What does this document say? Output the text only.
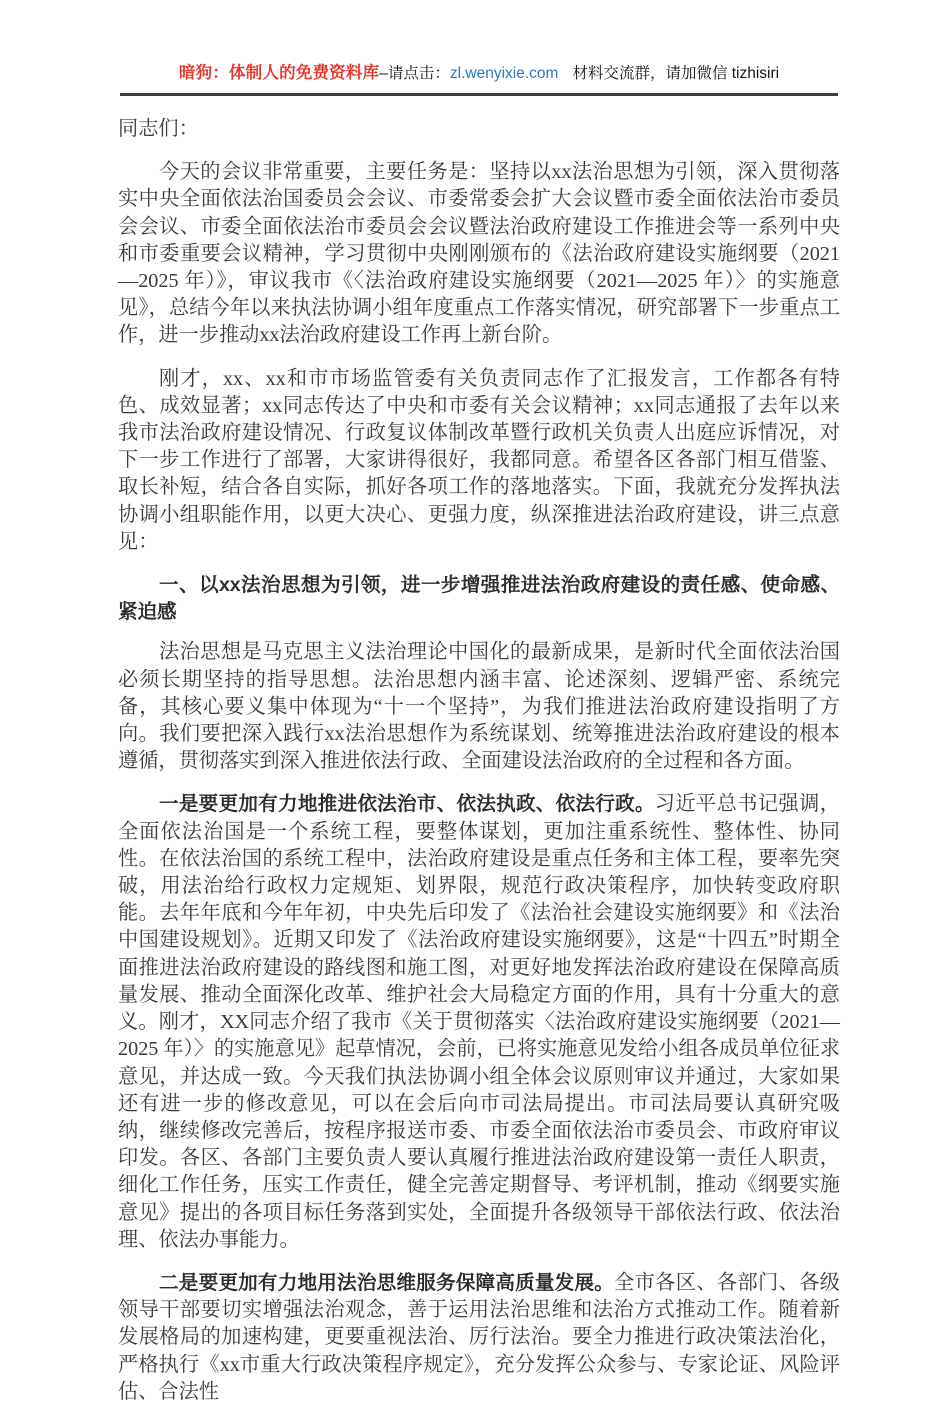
暗狗：体制人的免费资料库–请点击：zl.wenyixie.com 材料交流群，请加微信 tizhisiri

同志们：

今天的会议非常重要，主要任务是：坚持以xx法治思想为引领，深入贯彻落实中央全面依法治国委员会会议、市委常委会扩大会议暨市委全面依法治市委员会会议、市委全面依法治市委员会会议暨法治政府建设工作推进会等一系列中央和市委重要会议精神，学习贯彻中央刚刚颁布的《法治政府建设实施纲要（2021—2025 年）》，审议我市《〈法治政府建设实施纲要（2021—2025 年）〉的实施意见》，总结今年以来执法协调小组年度重点工作落实情况，研究部署下一步重点工作，进一步推动xx法治政府建设工作再上新台阶。

刚才，xx、xx和市市场监管委有关负责同志作了汇报发言，工作都各有特色、成效显著；xx同志传达了中央和市委有关会议精神；xx同志通报了去年以来我市法治政府建设情况、行政复议体制改革暨行政机关负责人出庭应诉情况，对下一步工作进行了部署，大家讲得很好，我都同意。希望各区各部门相互借鉴、取长补短，结合各自实际，抓好各项工作的落地落实。下面，我就充分发挥执法协调小组职能作用，以更大决心、更强力度，纵深推进法治政府建设，讲三点意见：

一、以xx法治思想为引领，进一步增强推进法治政府建设的责任感、使命感、紧迫感

法治思想是马克思主义法治理论中国化的最新成果，是新时代全面依法治国必须长期坚持的指导思想。法治思想内涵丰富、论述深刻、逻辑严密、系统完备，其核心要义集中体现为“十一个坚持”，为我们推进法治政府建设指明了方向。我们要把深入践行xx法治思想作为系统谋划、统筹推进法治政府建设的根本遵循，贯彻落实到深入推进依法行政、全面建设法治政府的全过程和各方面。

一是要更加有力地推进依法治市、依法执政、依法行政。习近平总书记强调，全面依法治国是一个系统工程，要整体谋划，更加注重系统性、整体性、协同性。在依法治国的系统工程中，法治政府建设是重点任务和主体工程，要率先突破，用法治给行政权力定规矩、划界限，规范行政决策程序，加快转变政府职能。去年年底和今年年初，中央先后印发了《法治社会建设实施纲要》和《法治中国建设规划》。近期又印发了《法治政府建设实施纲要》，这是“十四五”时期全面推进法治政府建设的路线图和施工图，对更好地发挥法治政府建设在保障高质量发展、推动全面深化改革、维护社会大局稳定方面的作用，具有十分重大的意义。刚才，XX同志介绍了我市《关于贯彻落实〈法治政府建设实施纲要（2021—2025 年）〉的实施意见》起草情况，会前，已将实施意见发给小组各成员单位征求意见，并达成一致。今天我们执法协调小组全体会议原则审议并通过，大家如果还有进一步的修改意见，可以在会后向市司法局提出。市司法局要认真研究吸纳，继续修改完善后，按程序报送市委、市委全面依法治市委员会、市政府审议印发。各区、各部门主要负责人要认真履行推进法治政府建设第一责任人职责，细化工作任务，压实工作责任，健全完善定期督导、考评机制，推动《纲要实施意见》提出的各项目标任务落到实处，全面提升各级领导干部依法行政、依法治理、依法办事能力。

二是要更加有力地用法治思维服务保障高质量发展。全市各区、各部门、各级领导干部要切实增强法治观念，善于运用法治思维和法治方式推动工作。随着新发展格局的加速构建，更要重视法治、厉行法治。要全力推进行政决策法治化，严格执行《xx市重大行政决策程序规定》，充分发挥公众参与、专家论证、风险评估、合法性
